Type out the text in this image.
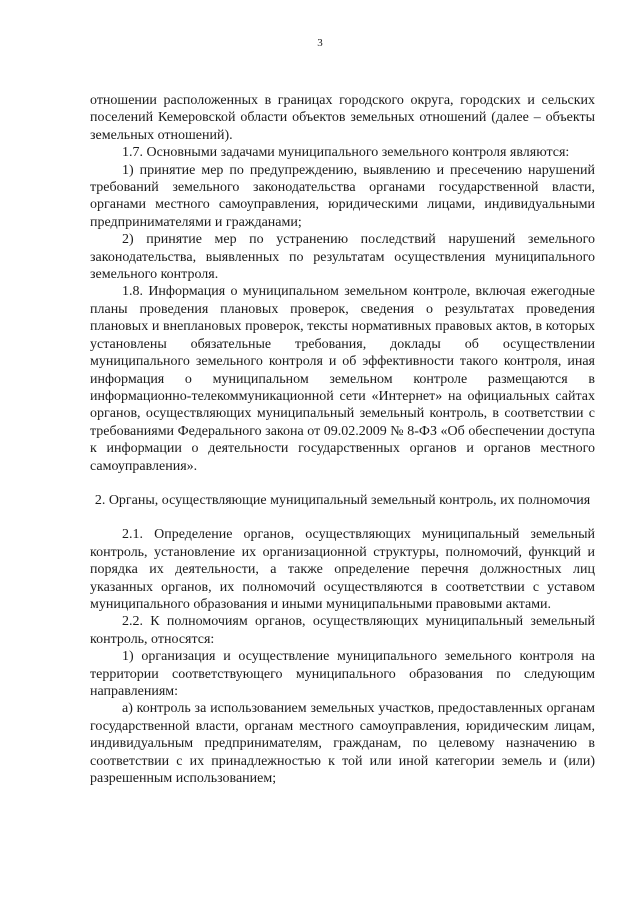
3

отношении расположенных в границах городского округа, городских и сельских поселений Кемеровской области объектов земельных отношений (далее – объекты земельных отношений).

1.7. Основными задачами муниципального земельного контроля являются:

1) принятие мер по предупреждению, выявлению и пресечению нарушений требований земельного законодательства органами государственной власти, органами местного самоуправления, юридическими лицами, индивидуальными предпринимателями и гражданами;

2) принятие мер по устранению последствий нарушений земельного законодательства, выявленных по результатам осуществления муниципального земельного контроля.

1.8. Информация о муниципальном земельном контроле, включая ежегодные планы проведения плановых проверок, сведения о результатах проведения плановых и внеплановых проверок, тексты нормативных правовых актов, в которых установлены обязательные требования, доклады об осуществлении муниципального земельного контроля и об эффективности такого контроля, иная информация о муниципальном земельном контроле размещаются в информационно-телекоммуникационной сети «Интернет» на официальных сайтах органов, осуществляющих муниципальный земельный контроль, в соответствии с требованиями Федерального закона от 09.02.2009 № 8-ФЗ «Об обеспечении доступа к информации о деятельности государственных органов и органов местного самоуправления».

2. Органы, осуществляющие муниципальный земельный контроль, их полномочия

2.1. Определение органов, осуществляющих муниципальный земельный контроль, установление их организационной структуры, полномочий, функций и порядка их деятельности, а также определение перечня должностных лиц указанных органов, их полномочий осуществляются в соответствии с уставом муниципального образования и иными муниципальными правовыми актами.

2.2. К полномочиям органов, осуществляющих муниципальный земельный контроль, относятся:

1) организация и осуществление муниципального земельного контроля на территории соответствующего муниципального образования по следующим направлениям:

а) контроль за использованием земельных участков, предоставленных органам государственной власти, органам местного самоуправления, юридическим лицам, индивидуальным предпринимателям, гражданам, по целевому назначению в соответствии с их принадлежностью к той или иной категории земель и (или) разрешенным использованием;
